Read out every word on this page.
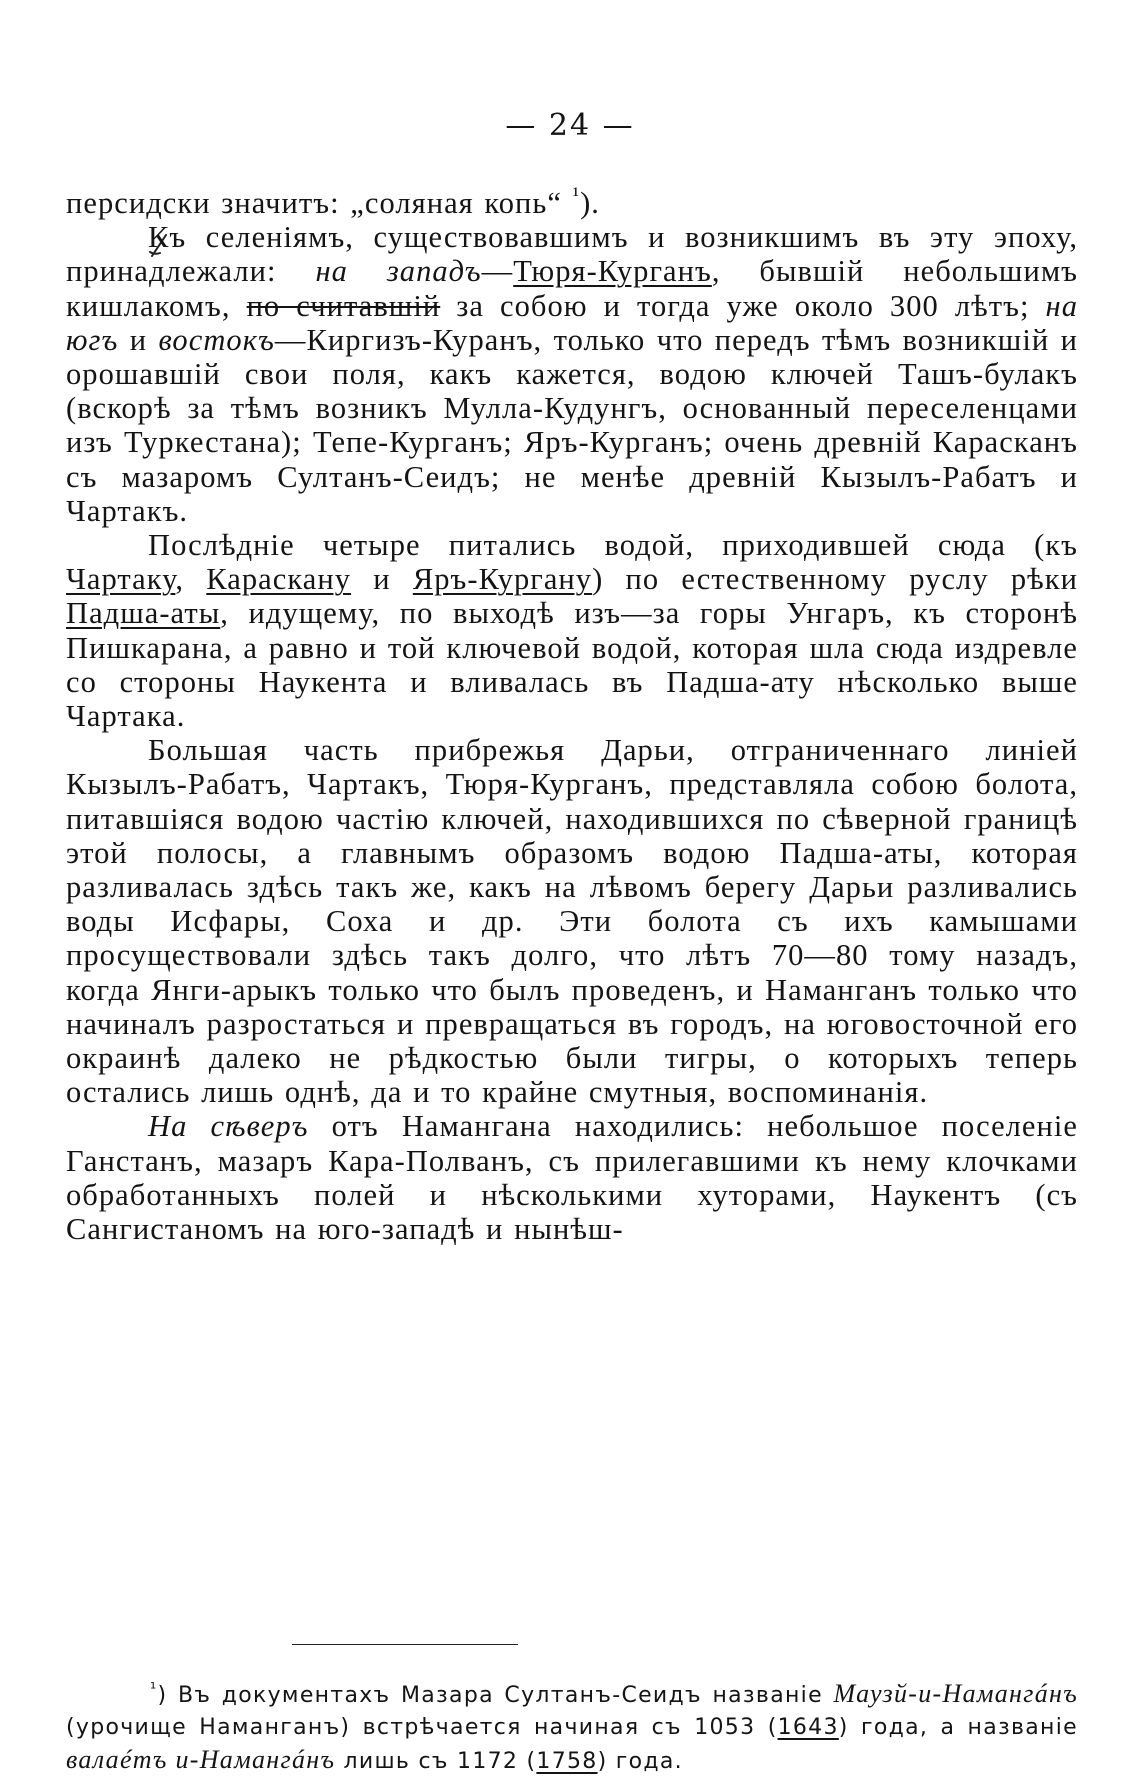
— 24 —

персидски значитъ: „соляная копь“ $^{^1}$).

Къ селеніямъ, существовавшимъ и возникшимъ въ эту эпоху, принадлежали: на западъ—Тюря-Курганъ, бывшій небольшимъ кишлакомъ, по считавшій за собою и тогда уже около 300 лѣтъ; на югъ и востокъ—Киргизъ-Куранъ, только что передъ тѣмъ возникшій и орошавшій свои поля, какъ кажется, водою ключей Ташъ-булакъ (вскорѣ за тѣмъ возникъ Мулла-Кудунгъ, основанный переселенцами изъ Туркестана); Тепе-Курганъ; Яръ-Курганъ; очень древній Карасканъ съ мазаромъ Султанъ-Сеидъ; не менѣе древній Кызылъ-Рабатъ и Чартакъ.

Послѣдніе четыре питались водой, приходившей сюда (къ Чартаку, Караскану и Яръ-Кургану) по естественному руслу рѣки Падша-аты, идущему, по выходѣ изъ—за горы Унгаръ, къ сторонѣ Пишкарана, а равно и той ключевой водой, которая шла сюда издревле со стороны Наукента и вливалась въ Падша-ату нѣсколько выше Чартака.

Большая часть прибрежья Дарьи, отграниченнаго линіей Кызылъ-Рабатъ, Чартакъ, Тюря-Курганъ, представляла собою болота, питавшіяся водою частію ключей, находившихся по сѣверной границѣ этой полосы, а главнымъ образомъ водою Падша-аты, которая разливалась здѣсь такъ же, какъ на лѣвомъ берегу Дарьи разливались воды Исфары, Соха и др. Эти болота съ ихъ камышами просуществовали здѣсь такъ долго, что лѣтъ 70—80 тому назадъ, когда Янги-арыкъ только что былъ проведенъ, и Наманганъ только что начиналъ разростаться и превращаться въ городъ, на юговосточной его окраинѣ далеко не рѣдкостью были тигры, о которыхъ теперь остались лишь однѣ, да и то крайне смутныя, воспоминанія.

На сѣверъ отъ Намангана находились: небольшое поселеніе Ганстанъ, мазаръ Кара-Полванъ, съ прилегавшими къ нему клочками обработанныхъ полей и нѣсколькими хуторами, Наукентъ (съ Сангистаномъ на юго-западѣ и нынѣш-

$^{^1}$) Въ документахъ Мазара Султанъ-Сеидъ названіе Маузй-и-Намангáнъ (урочище Наманганъ) встрѣчается начиная съ 1053 (1643) года, а названіе валаéтъ и-Намангáнъ лишь съ 1172 (1758) года.
